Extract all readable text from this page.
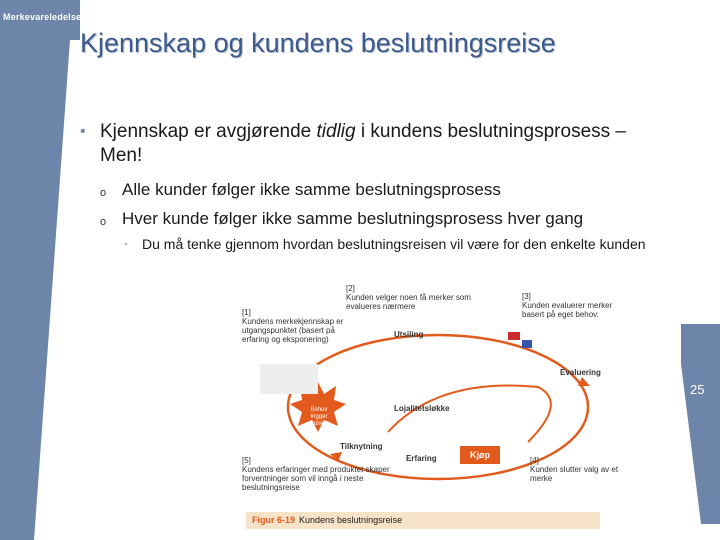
Merkevareledelse
Kjennskap og kundens beslutningsreise
• Kjennskap er avgjørende tidlig i kundens beslutningsprosess – Men!
o Alle kunder følger ikke samme beslutningsprosess
o Hver kunde følger ikke samme beslutningsprosess hver gang
- Du må tenke gjennom hvordan beslutningsreisen vil være for den enkelte kunden
[2]
Kunden velger noen få merker som evalueres nærmere
[3]
Kunden evaluerer merker basert på eget behov.
[1]
Kundens merkekjennskap er utgangspunktet (basert på erfaring og eksponering)
Utsiling
Evaluering
Lojalitetsløkke
Behov trigger prosess
Tilknytning
Erfaring	Kjøp
[5]
Kundens erfaringer med produktet skaper forventninger som vil inngå i neste beslutningsreise
[4]
Kunden slutter valg av et merke
Figur 6-19 Kundens beslutningsreise
25
